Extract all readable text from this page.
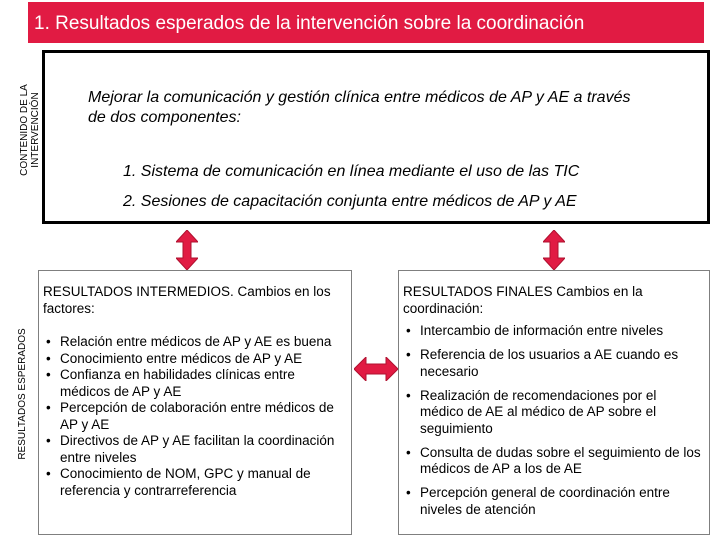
1. Resultados esperados de la intervención sobre la coordinación
CONTENIDO DE LA INTERVENCIÓN
RESULTADOS ESPERADOS
Mejorar la comunicación y gestión clínica entre médicos de AP y AE a través de dos componentes:
1. Sistema de comunicación en línea mediante el uso de las TIC
2. Sesiones de capacitación conjunta entre médicos de AP y AE
RESULTADOS INTERMEDIOS. Cambios en los factores:
• Relación entre médicos de AP y AE es buena
• Conocimiento entre médicos de AP y AE
• Confianza en habilidades clínicas entre médicos de AP y AE
• Percepción de colaboración entre médicos de AP y AE
• Directivos de AP y AE facilitan la coordinación entre niveles
• Conocimiento de NOM, GPC y manual de referencia y contrarreferencia
RESULTADOS FINALES Cambios en la coordinación:
• Intercambio de información entre niveles
• Referencia de los usuarios a AE cuando es necesario
• Realización de recomendaciones por el médico de AE al médico de AP sobre el seguimiento
• Consulta de dudas sobre el seguimiento de los médicos de AP a los de AE
• Percepción general de coordinación entre niveles de atención
